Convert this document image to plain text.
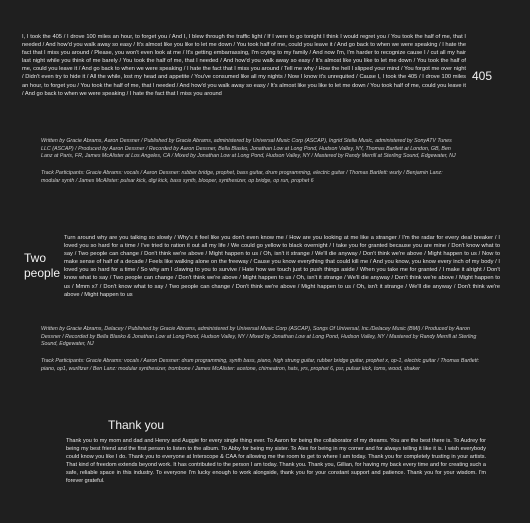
I, I took the 405 / I drove 100 miles an hour, to forget you / And I, I blew through the traffic light / If I were to go tonight I think I would regret you / You took the half of me, that I needed / And how'd you walk away so easy / It's almost like you like to let me down / You took half of me, could you leave it / And go back to when we were speaking / I hate the fact that I miss you around / Please, you won't even look at me / It's getting embarrassing, I'm crying to my family / And now I'm, I'm harder to recognize cause I / cut all my hair last night while you think of me barely / You took the half of me, that I needed / And how'd you walk away so easy / It's almost like you like to let me down / You took the half of me, could you leave it / And go back to when we were speaking / I hate the fact that I miss you around / Tell me why / How the hell I slipped your mind / You forgot me over night / Didn't even try to hide it / All the while, lost my head and appetite / You've consumed like all my nights / Now I know it's unrequited / Cause I, I took the 405 / I drove 100 miles an hour, to forget you / You took the half of me, that I needed / And how'd you walk away so easy / It's almost like you like to let me down / You took half of me, could you leave it / And go back to when we were speaking / I hate the fact that I miss you around

405

Written by Gracie Abrams, Aaron Dessner / Published by Gracie Abrams, administered by Universal Music Corp (ASCAP), Ingrid Stella Music, administered by SonyATV Tunes LLC (ASCAP) / Produced by Aaron Dessner / Recorded by Aaron Dessner, Bella Blasko, Jonathan Low at Long Pond, Hudson Valley, NY, Thomas Bartlett at London, GB, Ben Lanz at Paris, FR, James McAlister at Los Angeles, CA / Mixed by Jonathan Low at Long Pond, Hudson Valley, NY / Mastered by Randy Merrill at Sterling Sound, Edgewater, NJ

Track Participants: Gracie Abrams: vocals / Aaron Dessner: rubber bridge, prophet, bass guitar, drum programming, electric guitar / Thomas Bartlett: wurly / Benjamin Lanz: modular synth / James McAlister: pulsar kick, digi kick, bass synth, blooper, synthesizer, op bridge, op run, prophet 6

Two people

Turn around why are you talking so slowly / Why's it feel like you don't even know me / How are you looking at me like a stranger / I'm the radar for every deal breaker / I loved you so hard for a time / I've tried to ration it out all my life / We could go yellow to black overnight / I take you for granted because you are mine / Don't know what to say / Two people can change / Don't think we're above / Might happen to us / Oh, isn't it strange / We'll die anyway / Don't think we're above / Might happen to us / Now to make sense of half of a decade / Feels like walking alone on the freeway / Cause you know everything that could kill me / And you know, you know every inch of my body / I loved you so hard for a time / So why am I clawing to you to survive / Hate how we touch just to push things aside / When you take me for granted / I make it alright / Don't know what to say / Two people can change / Don't think we're above / Might happen to us / Oh, isn't it strange / We'll die anyway / Don't think we're above / Might happen to us / Mmm x7 / Don't know what to say / Two people can change / Don't think we're above / Might happen to us / Oh, isn't it strange / We'll die anyway / Don't think we're above / Might happen to us

Written by Gracie Abrams, Delacey / Published by Gracie Abrams, administered by Universal Music Corp (ASCAP), Songs Of Universal, Inc./Delacey Music (BMI) / Produced by Aaron Dessner / Recorded by Bella Blasko & Jonathan Low at Long Pond, Hudson Valley, NY / Mixed by Jonathan Low at Long Pond, Hudson Valley, NY / Mastered by Randy Merrill at Sterling Sound, Edgewater, NJ

Track Participants: Gracie Abrams: vocals / Aaron Dessner: drum programming, synth bass, piano, high strung guitar, rubber bridge guitar, prophet x, op-1, electric guitar / Thomas Bartlett: piano, op1, wurlitzer / Ben Lanz: modular synthesizer, trombone / James McAlister: acetone, chimeatron, hats, yrs, prophet 6, psr, pulsar kick, toms, wood, shaker

Thank you

Thank you to my mom and dad and Henry and Auggie for every single thing ever. To Aaron for being the collaborator of my dreams. You are the best there is. To Audrey for being my best friend and the first person to listen to the album. To Abby for being my sister. To Alex for being in my corner and for always telling it like it is. I wish everybody could know you like I do. Thank you to everyone at Interscope & CAA for allowing me the room to get to where I am today. Thank you for completely trusting in your artists. That kind of freedom extends beyond work. It has contributed to the person I am today. Thank you. Thank you, Gillian, for having my back every time and for creating such a safe, reliable space in this industry. To everyone I'm lucky enough to work alongside, thank you for your constant support and patience. Thank you for your wisdom. I'm forever grateful.
